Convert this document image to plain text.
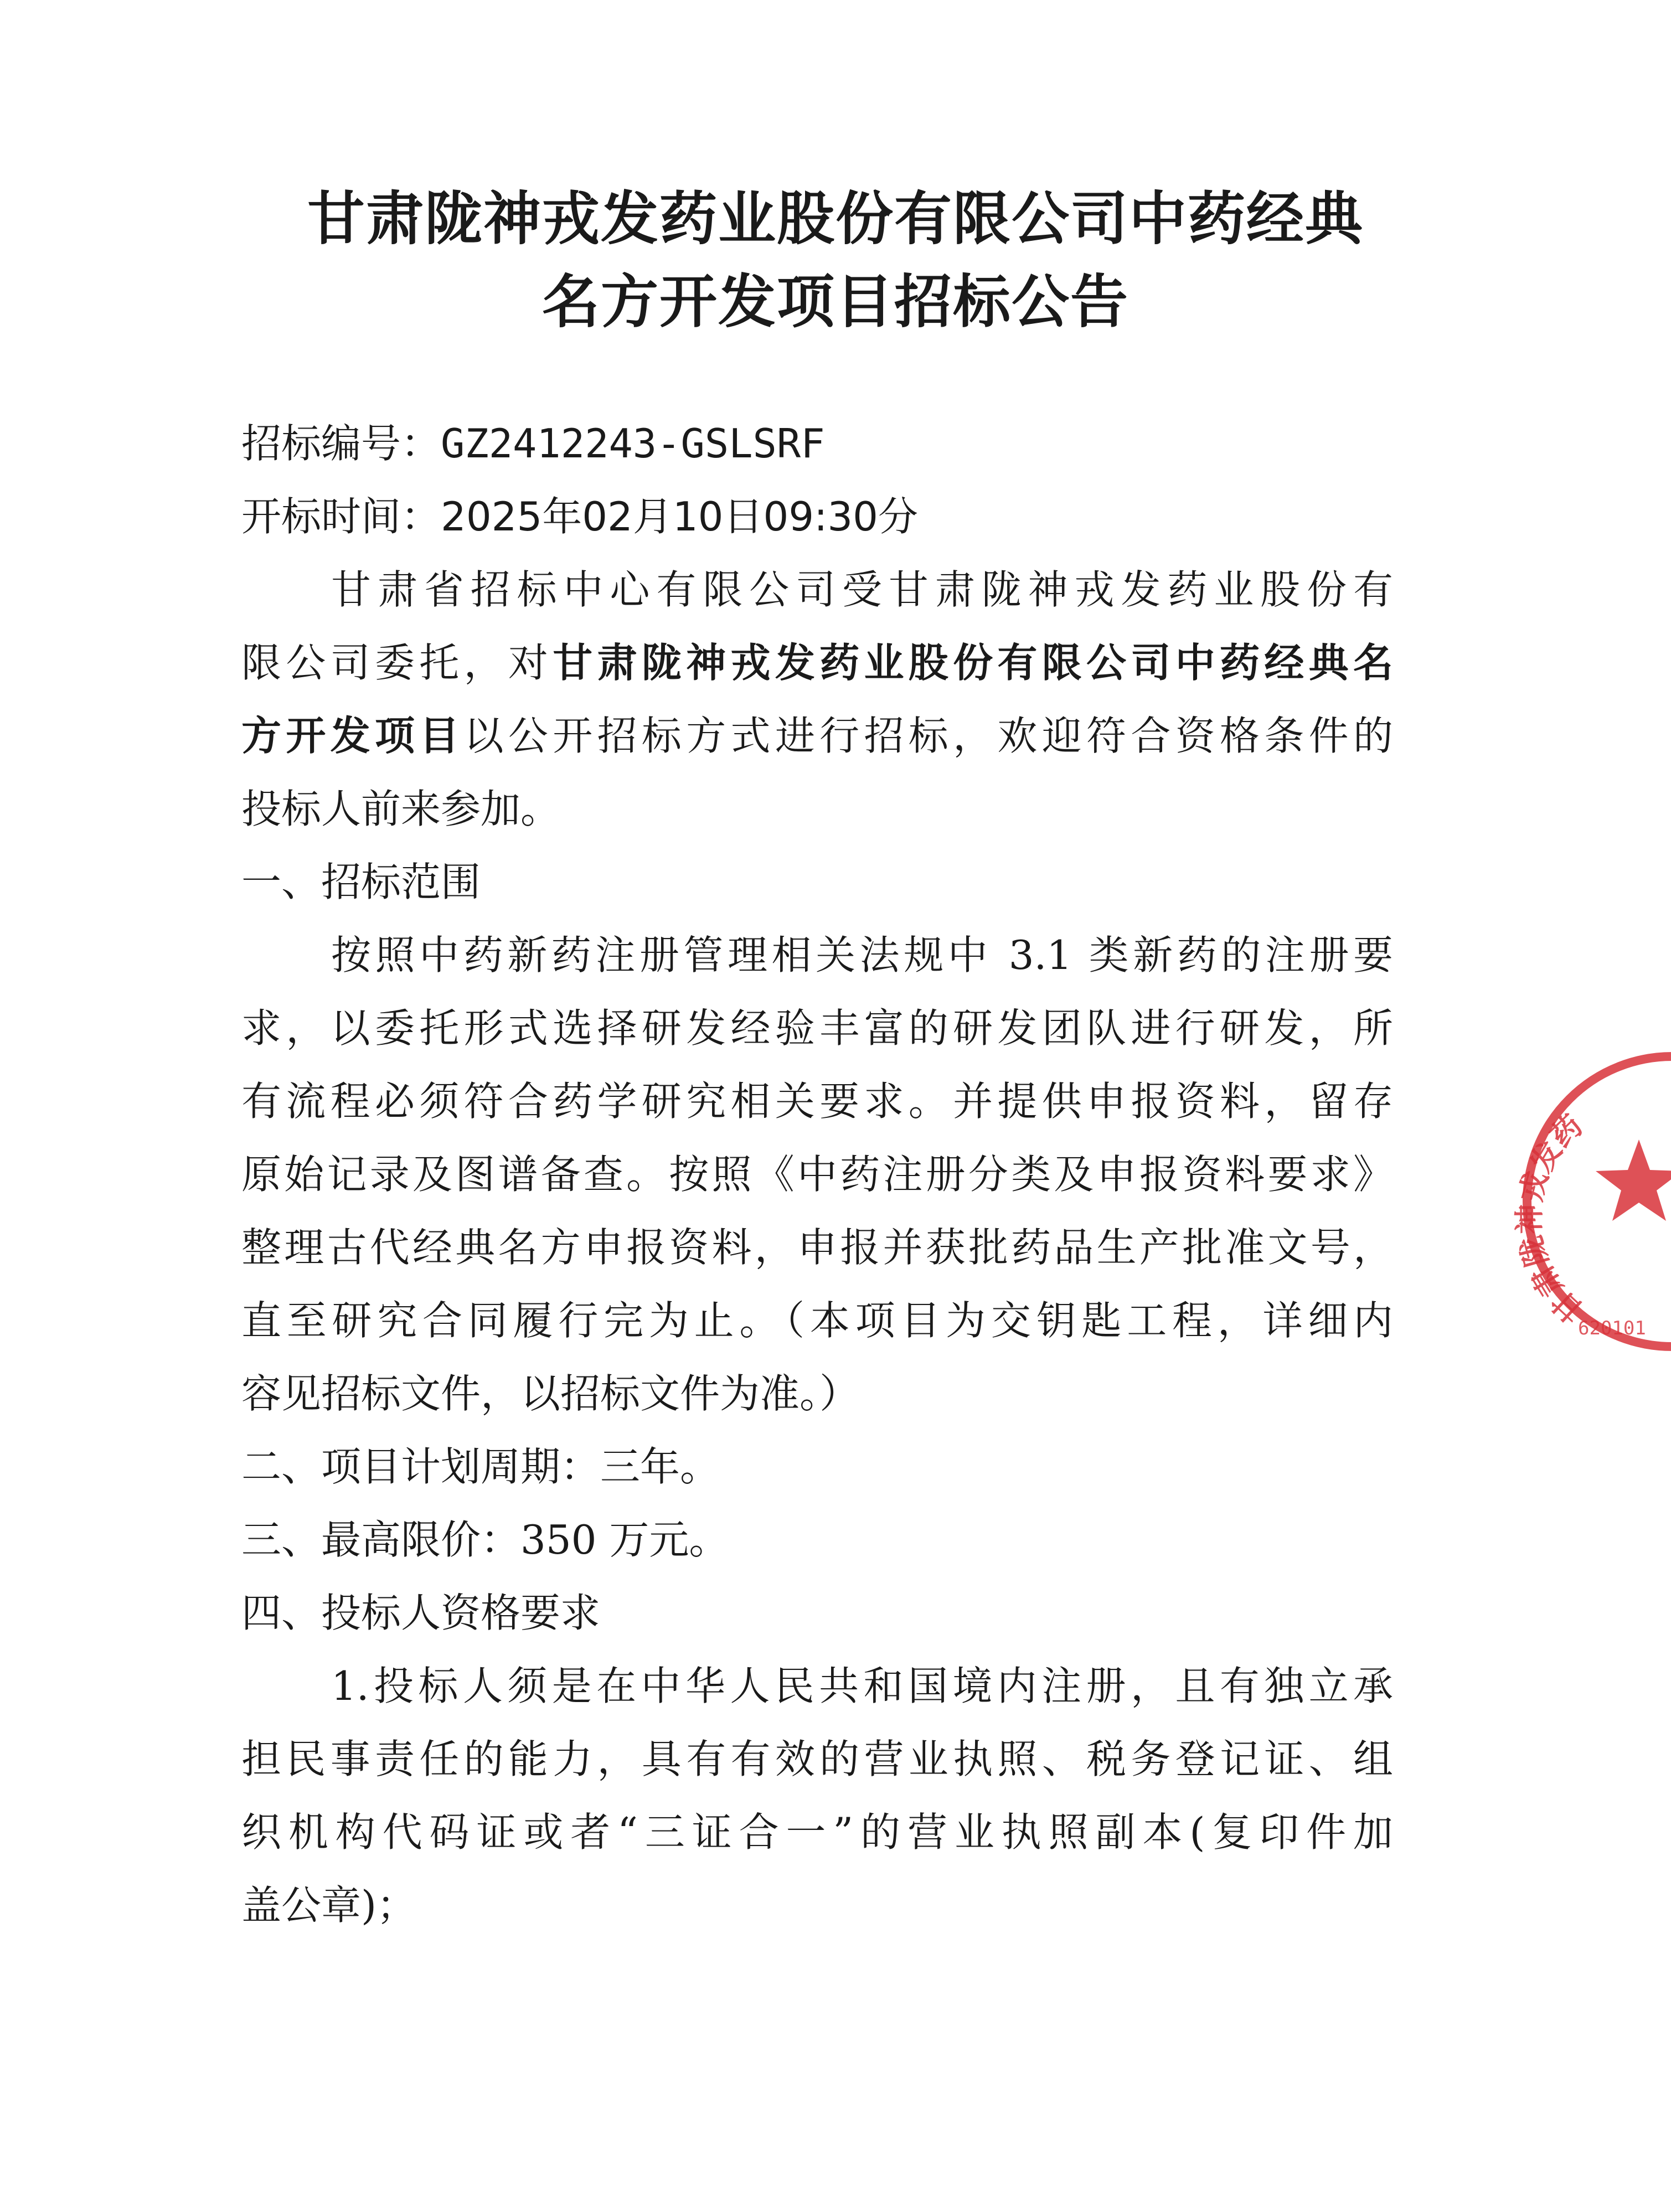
甘肃陇神戎发药业股份有限公司中药经典
名方开发项目招标公告
招标编号：GZ2412243-GSLSRF
开标时间：2025年02月10日09:30分
甘肃省招标中心有限公司受甘肃陇神戎发药业股份有
限公司委托，对甘肃陇神戎发药业股份有限公司中药经典名
方开发项目以公开招标方式进行招标，欢迎符合资格条件的
投标人前来参加。
一、招标范围
按照中药新药注册管理相关法规中 3.1 类新药的注册要
求，以委托形式选择研发经验丰富的研发团队进行研发，所
有流程必须符合药学研究相关要求。并提供申报资料，留存
原始记录及图谱备查。按照《中药注册分类及申报资料要求》
整理古代经典名方申报资料，申报并获批药品生产批准文号，
直至研究合同履行完为止。（本项目为交钥匙工程，详细内
容见招标文件，以招标文件为准。）
二、项目计划周期：三年。
三、最高限价：350 万元。
四、投标人资格要求
1.投标人须是在中华人民共和国境内注册，且有独立承
担民事责任的能力，具有有效的营业执照、税务登记证、组
织机构代码证或者“三证合一”的营业执照副本(复印件加
盖公章)；
甘肃陇神戎发药
620101
